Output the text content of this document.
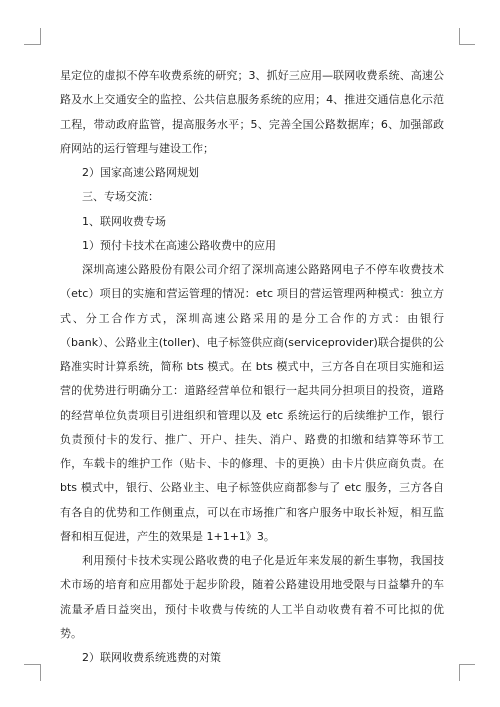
星定位的虚拟不停车收费系统的研究；3、抓好三应用—联网收费系统、高速公路及水上交通安全的监控、公共信息服务系统的应用；4、推进交通信息化示范工程，带动政府监管，提高服务水平；5、完善全国公路数据库；6、加强部政府网站的运行管理与建设工作；

2）国家高速公路网规划

三、专场交流：

1、联网收费专场

1）预付卡技术在高速公路收费中的应用

深圳高速公路股份有限公司介绍了深圳高速公路路网电子不停车收费技术（etc）项目的实施和营运管理的情况：etc 项目的营运管理两种模式：独立方式、分工合作方式，深圳高速公路采用的是分工合作的方式：由银行（bank）、公路业主(toller)、电子标签供应商(serviceprovider)联合提供的公路准实时计算系统，简称 bts 模式。在 bts 模式中，三方各自在项目实施和运营的优势进行明确分工：道路经营单位和银行一起共同分担项目的投资，道路的经营单位负责项目引进组织和管理以及 etc 系统运行的后续维护工作，银行负责预付卡的发行、推广、开户、挂失、消户、路费的扣缴和结算等环节工作，车载卡的维护工作（贴卡、卡的修理、卡的更换）由卡片供应商负责。在 bts 模式中，银行、公路业主、电子标签供应商都参与了 etc 服务，三方各自有各自的优势和工作侧重点，可以在市场推广和客户服务中取长补短，相互监督和相互促进，产生的效果是 1+1+1》3。

利用预付卡技术实现公路收费的电子化是近年来发展的新生事物，我国技术市场的培育和应用都处于起步阶段，随着公路建设用地受限与日益攀升的车流量矛盾日益突出，预付卡收费与传统的人工半自动收费有着不可比拟的优势。

2）联网收费系统逃费的对策
